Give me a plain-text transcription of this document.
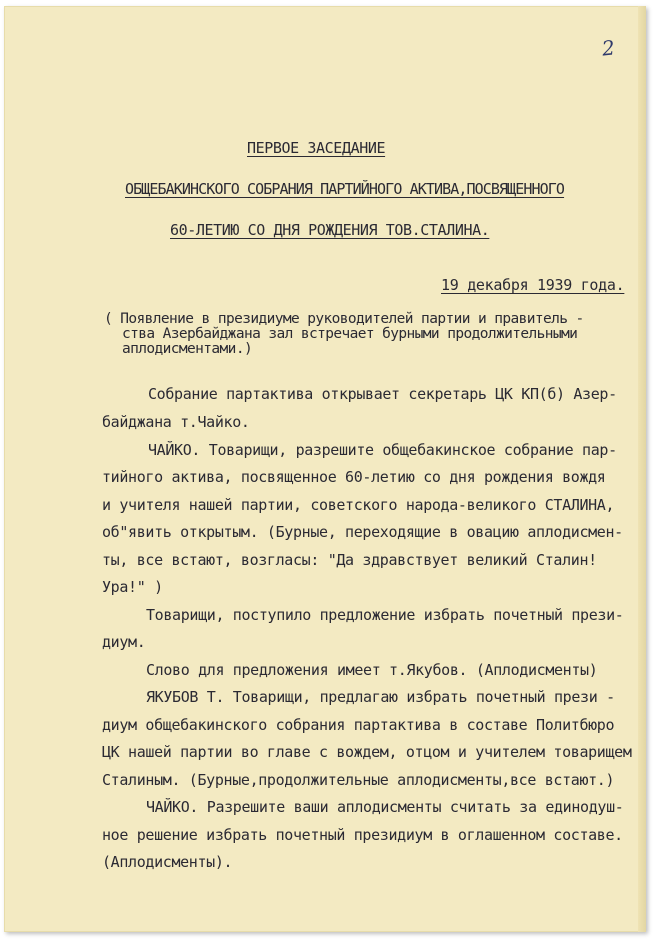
2
ПЕРВОЕ ЗАСЕДАНИЕ
ОБЩЕБАКИНСКОГО СОБРАНИЯ ПАРТИЙНОГО АКТИВА,ПОСВЯЩЕННОГО
60-ЛЕТИЮ СО ДНЯ РОЖДЕНИЯ ТОВ.СТАЛИНА.
19 декабря 1939 года.
( Появление в президиуме руководителей партии и правитель -
ства Азербайджана зал встречает бурными продолжительными
аплодисментами.)
Собрание партактива открывает секретарь ЦК КП(б) Азер-
байджана т.Чайко.
ЧАЙКО. Товарищи, разрешите общебакинское собрание пар-
тийного актива, посвященное 60-летию со дня рождения вождя
и учителя нашей партии, советского народа-великого СТАЛИНА,
об"явить открытым. (Бурные, переходящие в овацию аплодисмен-
ты, все встают, возгласы: "Да здравствует великий Сталин!
Ура!" )
Товарищи, поступило предложение избрать почетный прези-
диум.
Слово для предложения имеет т.Якубов. (Аплодисменты)
ЯКУБОВ Т. Товарищи, предлагаю избрать почетный прези -
диум общебакинского собрания партактива в составе Политбюро
ЦК нашей партии во главе с вождем, отцом и учителем товарищем
Сталиным. (Бурные,продолжительные аплодисменты,все встают.)
ЧАЙКО. Разрешите ваши аплодисменты считать за единодуш-
ное решение избрать почетный президиум в оглашенном составе.
(Аплодисменты).
